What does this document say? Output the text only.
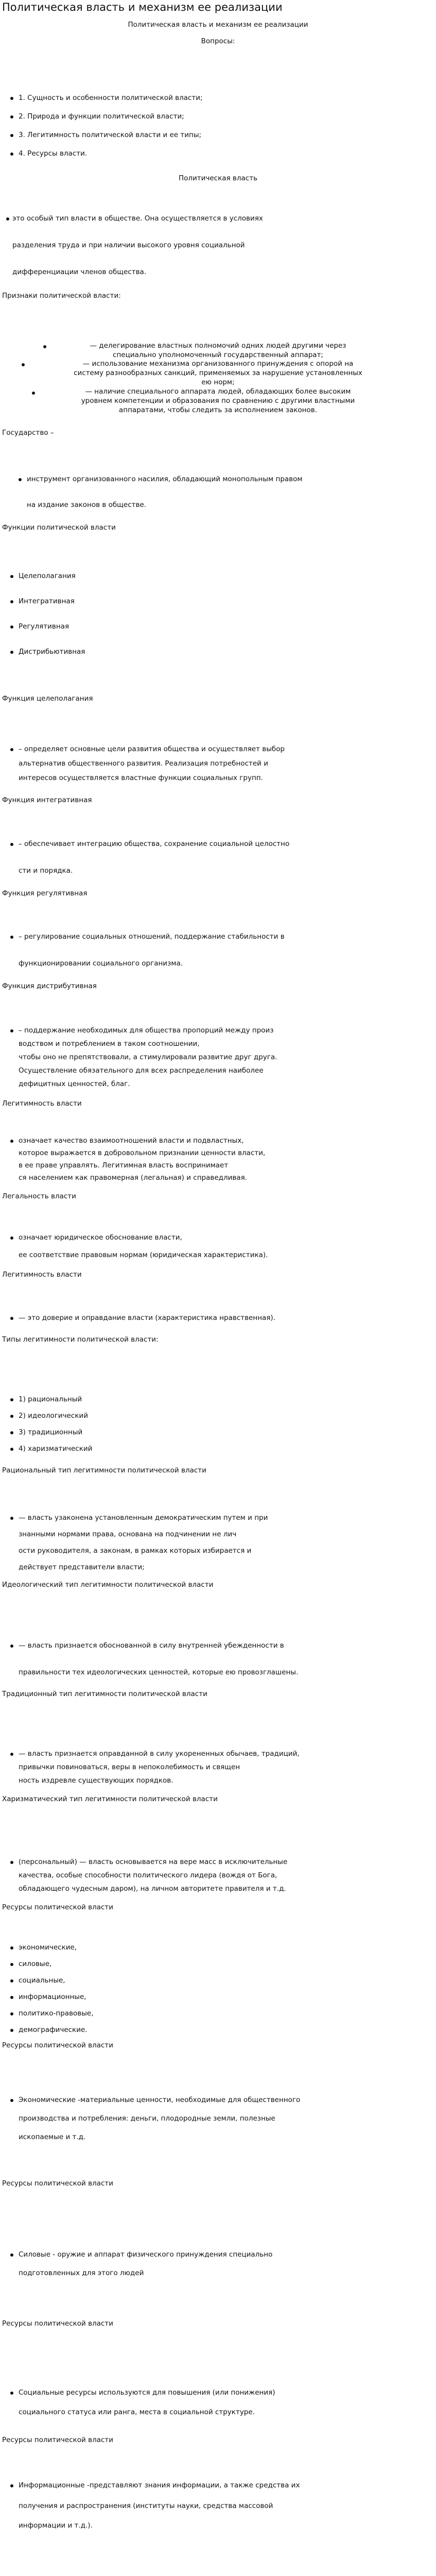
Политическая власть и механизм ее реализации
Политическая власть и механизм ее реализации
Вопросы:
1. Сущность и особенности политической власти;
2. Природа и функции политической власти;
3. Легитимность политической власти и ее типы;
4. Ресурсы власти.
Политическая власть
это особый тип власти в обществе. Она осуществляется в условиях
разделения труда и при наличии высокого уровня социальной
дифференциации членов общества.
Признаки политической власти:
— делегирование властных полномочий одних людей другими через
специально уполномоченный государственный аппарат;
— использование механизма организованного принуждения с опорой на
систему разнообразных санкций, применяемых за нарушение установленных
ею норм;
— наличие специального аппарата людей, обладающих более высоким
уровнем компетенции и образования по сравнению с другими властными
аппаратами, чтобы следить за исполнением законов.
Государство –
инструмент организованного насилия, обладающий монопольным правом
на издание законов в обществе.
Функции политической власти
Целеполагания
Интегративная
Регулятивная
Дистрибьютивная
Функция целеполагания
– определяет основные цели развития общества и осуществляет выбор
альтернатив общественного развития. Реализация потребностей и
интересов осуществляется властные функции социальных групп.
Функция интегративная
– обеспечивает интеграцию общества, сохранение социальной целостно
сти и порядка.
Функция регулятивная
– регулирование социальных отношений, поддержание стабильности в
функционировании социального организма.
Функция дистрибутивная
– поддержание необходимых для общества пропорций между произ
водством и потреблением в таком соотношении,
чтобы оно не препятствовали, а стимулировали развитие друг друга.
Осуществление обязательного для всех распределения наиболее
дефицитных ценностей, благ.
Легитимность власти
означает качество взаимоотношений власти и подвластных,
которое выражается в добровольном признании ценности власти,
в ее праве управлять. Легитимная власть воспринимает
ся населением как правомерная (легальная) и справедливая.
Легальность власти
означает юридическое обоснование власти,
ее соответствие правовым нормам (юридическая характеристика).
Легитимность власти
— это доверие и оправдание власти (характеристика нравственная).
Типы легитимности политической власти:
1) рациональный
2) идеологический
3) традиционный
4) харизматический
Рациональный тип легитимности политической власти
— власть узаконена установленным демократическим путем и при
знанными нормами права, основана на подчинении не лич
ости руководителя, а законам, в рамках которых избирается и
действует представители власти;
Идеологический тип легитимности политической власти
— власть признается обоснованной в силу внутренней убежденности в
правильности тех идеологических ценностей, которые ею провозглашены.
Традиционный тип легитимности политической власти
— власть признается оправданной в силу укорененных обычаев, традиций,
привычки повиноваться, веры в непоколебимость и священ
ность издревле существующих порядков.
Харизматический тип легитимности политической власти
(персональный) — власть основывается на вере масс в исключительные
качества, особые способности политического лидера (вождя от Бога,
обладающего чудесным даром), на личном авторитете правителя и т.д.
Ресурсы политической власти
экономические,
силовые,
социальные,
информационные,
политико-правовые,
демографические.
Ресурсы политической власти
Экономические -материальные ценности, необходимые для общественного
производства и потребления: деньги, плодородные земли, полезные
ископаемые и т.д.
Ресурсы политической власти
Силовые - оружие и аппарат физического принуждения специально
подготовленных для этого людей
Ресурсы политической власти
Социальные ресурсы используются для повышения (или понижения)
социального статуса или ранга, места в социальной структуре.
Ресурсы политической власти
Информационные -представляют знания информации, а также средства их
получения и распространения (институты науки, средства массовой
информации и т.д.).
